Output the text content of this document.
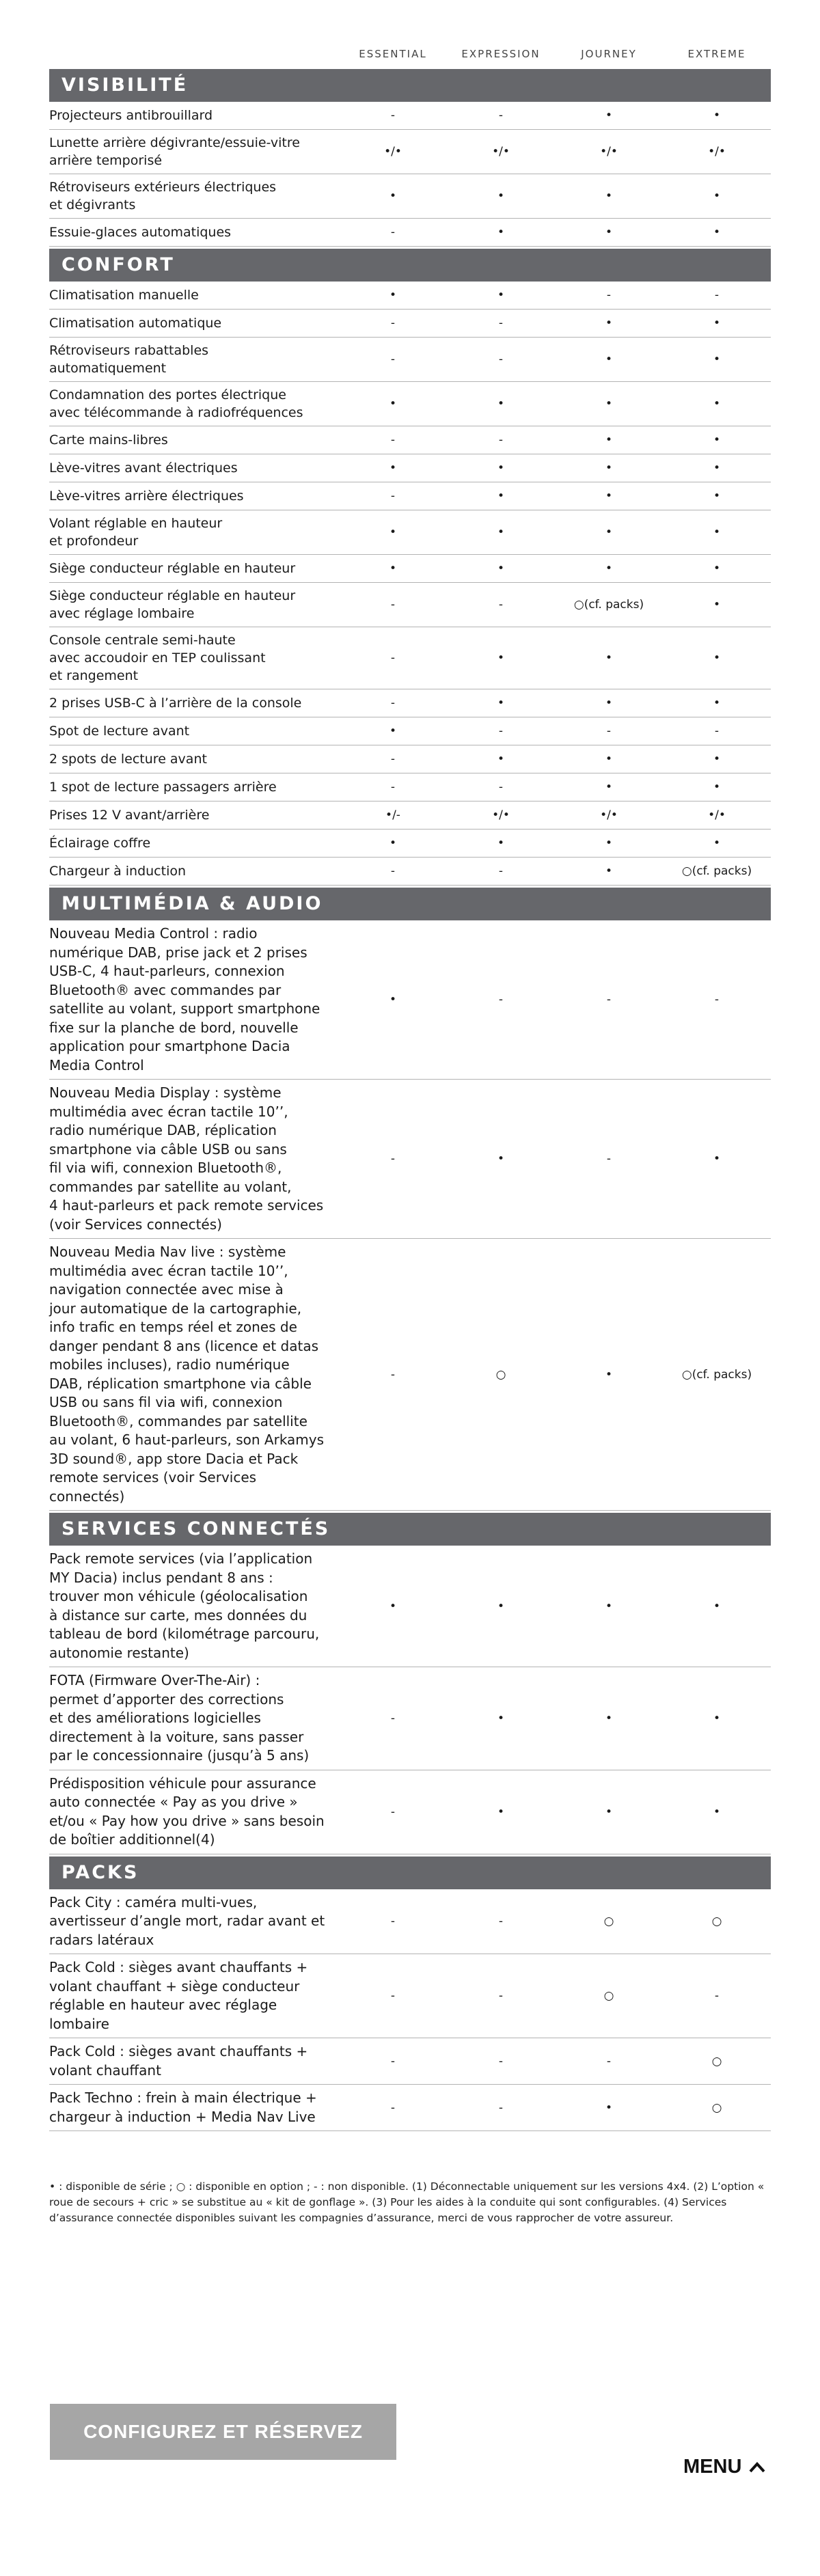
ESSENTIAL	EXPRESSION	JOURNEY	EXTREME
VISIBILITÉ
Projecteurs antibrouillard	-	-	•	•
Lunette arrière dégivrante/essuie-vitre
arrière temporisé
•/•	•/•	•/•	•/•
Rétroviseurs extérieurs électriques
et dégivrants
•	•	•	•
Essuie-glaces automatiques	-	•	•	•
CONFORT
Climatisation manuelle	•	•	-	-
Climatisation automatique	-	-	•	•
Rétroviseurs rabattables
automatiquement
-	-	•	•
Condamnation des portes électrique
avec télécommande à radiofréquences
•	•	•	•
Carte mains-libres	-	-	•	•
Lève-vitres avant électriques	•	•	•	•
Lève-vitres arrière électriques	-	•	•	•
Volant réglable en hauteur
et profondeur
•	•	•	•
Siège conducteur réglable en hauteur	•	•	•	•
Siège conducteur réglable en hauteur
avec réglage lombaire
-	-	○(cf. packs)	•
Console centrale semi-haute
avec accoudoir en TEP coulissant
et rangement
-	•	•	•
2 prises USB-C à l’arrière de la console	-	•	•	•
Spot de lecture avant	•	-	-	-
2 spots de lecture avant	-	•	•	•
1 spot de lecture passagers arrière	-	-	•	•
Prises 12 V avant/arrière	•/-	•/•	•/•	•/•
Éclairage coffre	•	•	•	•
Chargeur à induction	-	-	•	○(cf. packs)
MULTIMÉDIA & AUDIO
Nouveau Media Control : radio
numérique DAB, prise jack et 2 prises
USB-C, 4 haut-parleurs, connexion
Bluetooth® avec commandes par
satellite au volant, support smartphone
fixe sur la planche de bord, nouvelle
application pour smartphone Dacia
Media Control
•	-	-	-
Nouveau Media Display : système
multimédia avec écran tactile 10’’,
radio numérique DAB, réplication
smartphone via câble USB ou sans
fil via wifi, connexion Bluetooth®,
commandes par satellite au volant,
4 haut-parleurs et pack remote services
(voir Services connectés)
-	•	-	•
Nouveau Media Nav live : système
multimédia avec écran tactile 10’’,
navigation connectée avec mise à
jour automatique de la cartographie,
info trafic en temps réel et zones de
danger pendant 8 ans (licence et datas
mobiles incluses), radio numérique
DAB, réplication smartphone via câble
USB ou sans fil via wifi, connexion
Bluetooth®, commandes par satellite
au volant, 6 haut-parleurs, son Arkamys
3D sound®, app store Dacia et Pack
remote services (voir Services
connectés)
-	○	•	○(cf. packs)
SERVICES CONNECTÉS
Pack remote services (via l’application
MY Dacia) inclus pendant 8 ans :
trouver mon véhicule (géolocalisation
à distance sur carte, mes données du
tableau de bord (kilométrage parcouru,
autonomie restante)
•	•	•	•
FOTA (Firmware Over-The-Air) :
permet d’apporter des corrections
et des améliorations logicielles
directement à la voiture, sans passer
par le concessionnaire (jusqu’à 5 ans)
-	•	•	•
Prédisposition véhicule pour assurance
auto connectée « Pay as you drive »
et/ou « Pay how you drive » sans besoin
de boîtier additionnel(4)
-	•	•	•
PACKS
Pack City : caméra multi-vues,
avertisseur d’angle mort, radar avant et
radars latéraux
-	-	○	○
Pack Cold : sièges avant chauffants +
volant chauffant + siège conducteur
réglable en hauteur avec réglage
lombaire
-	-	○	-
Pack Cold : sièges avant chauffants +
volant chauffant
-	-	-	○
Pack Techno : frein à main électrique +
chargeur à induction + Media Nav Live
-	-	•	○
• : disponible de série ; ○ : disponible en option ; - : non disponible. (1) Déconnectable uniquement sur les versions 4x4. (2) L’option « roue de secours + cric » se substitue au « kit de gonflage ». (3) Pour les aides à la conduite qui sont configurables. (4) Services d’assurance connectée disponibles suivant les compagnies d’assurance, merci de vous rapprocher de votre assureur.
CONFIGUREZ ET RÉSERVEZ
MENU
